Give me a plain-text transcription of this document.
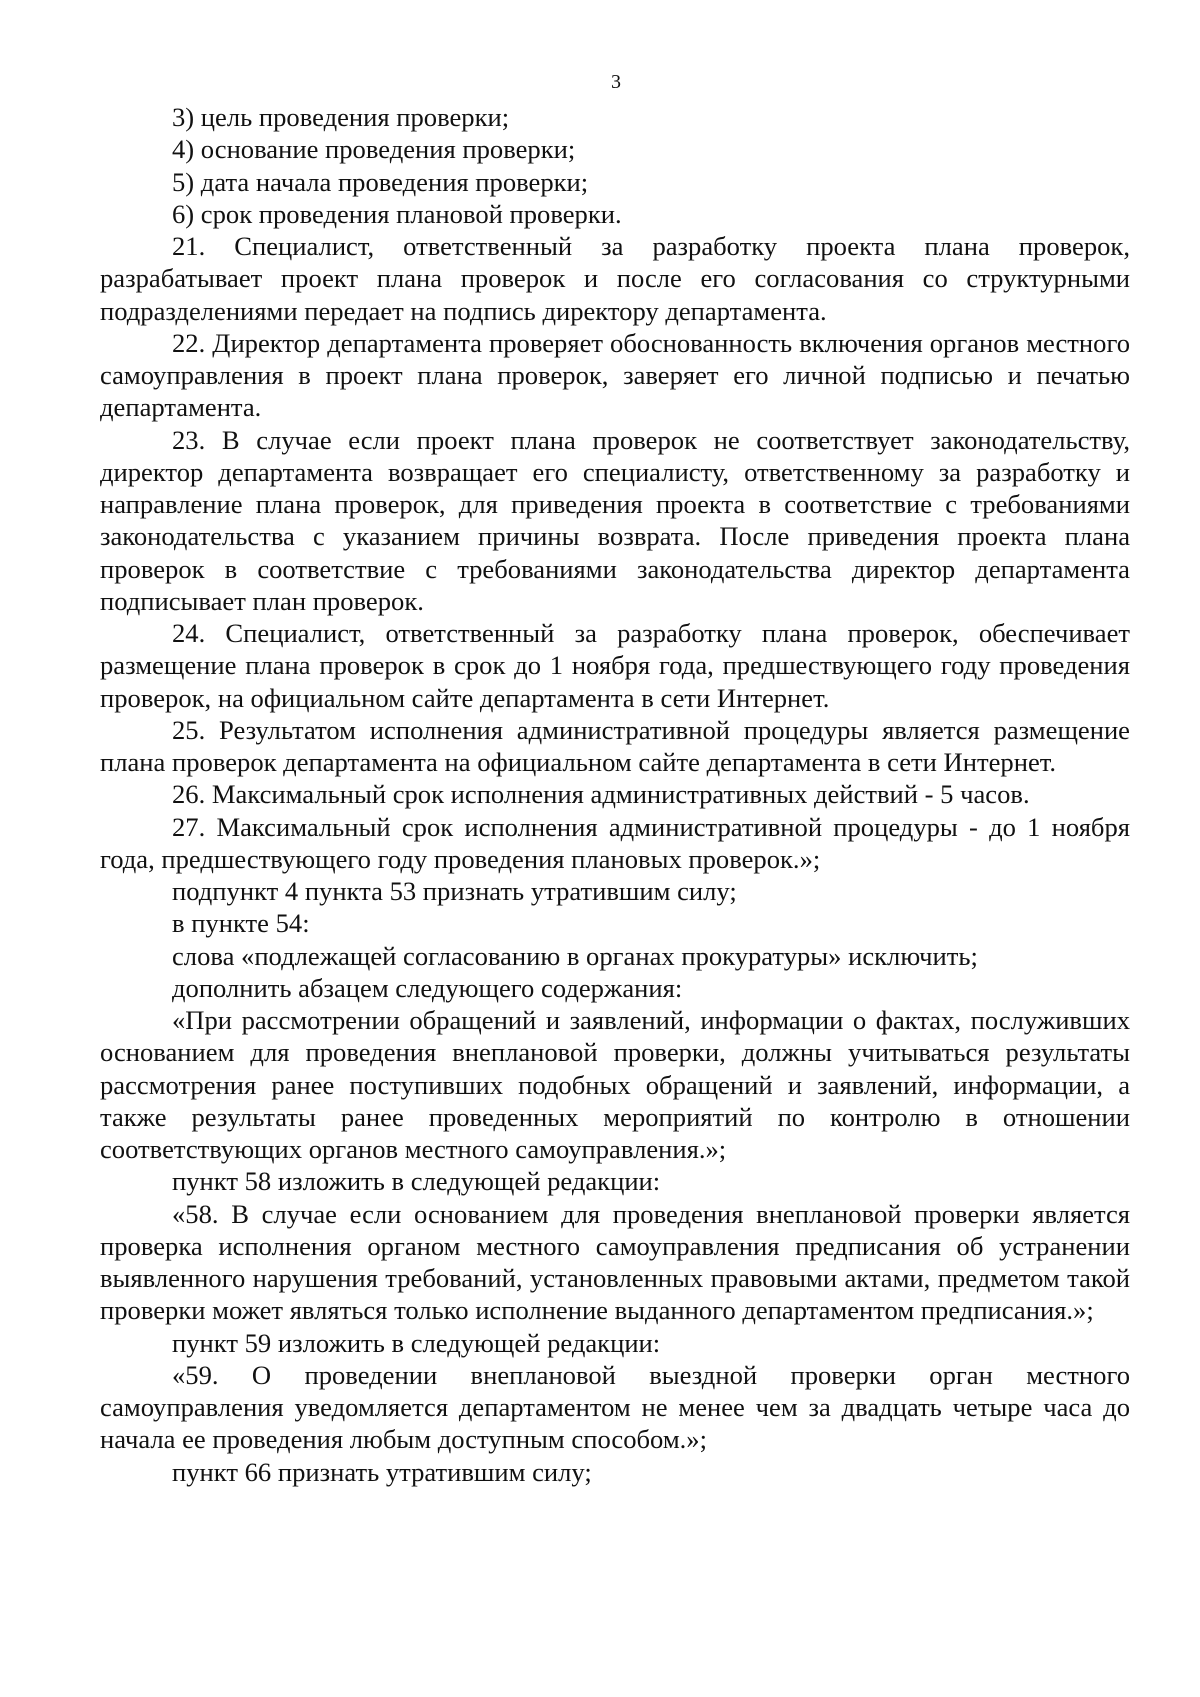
3

3) цель проведения проверки;

4) основание проведения проверки;

5) дата начала проведения проверки;

6) срок проведения плановой проверки.

21. Специалист, ответственный за разработку проекта плана проверок, разрабатывает проект плана проверок и после его согласования со структурными подразделениями передает на подпись директору департамента.

22. Директор департамента проверяет обоснованность включения органов местного самоуправления в проект плана проверок, заверяет его личной подписью и печатью департамента.

23. В случае если проект плана проверок не соответствует законодательству, директор департамента возвращает его специалисту, ответственному за разработку и направление плана проверок, для приведения проекта в соответствие с требованиями законодательства с указанием причины возврата. После приведения проекта плана проверок в соответствие с требованиями законодательства директор департамента подписывает план проверок.

24. Специалист, ответственный за разработку плана проверок, обеспечивает размещение плана проверок в срок до 1 ноября года, предшествующего году проведения проверок, на официальном сайте департамента в сети Интернет.

25. Результатом исполнения административной процедуры является размещение плана проверок департамента на официальном сайте департамента в сети Интернет.

26. Максимальный срок исполнения административных действий - 5 часов.

27. Максимальный срок исполнения административной процедуры - до 1 ноября года, предшествующего году проведения плановых проверок.»;

подпункт 4 пункта 53 признать утратившим силу;

в пункте 54:

слова «подлежащей согласованию в органах прокуратуры» исключить;

дополнить абзацем следующего содержания:

«При рассмотрении обращений и заявлений, информации о фактах, послуживших основанием для проведения внеплановой проверки, должны учитываться результаты рассмотрения ранее поступивших подобных обращений и заявлений, информации, а также результаты ранее проведенных мероприятий по контролю в отношении соответствующих органов местного самоуправления.»;

пункт 58 изложить в следующей редакции:

«58. В случае если основанием для проведения внеплановой проверки является проверка исполнения органом местного самоуправления предписания об устранении выявленного нарушения требований, установленных правовыми актами, предметом такой проверки может являться только исполнение выданного департаментом предписания.»;

пункт 59 изложить в следующей редакции:

«59. О проведении внеплановой выездной проверки орган местного самоуправления уведомляется департаментом не менее чем за двадцать четыре часа до начала ее проведения любым доступным способом.»;

пункт 66 признать утратившим силу;
